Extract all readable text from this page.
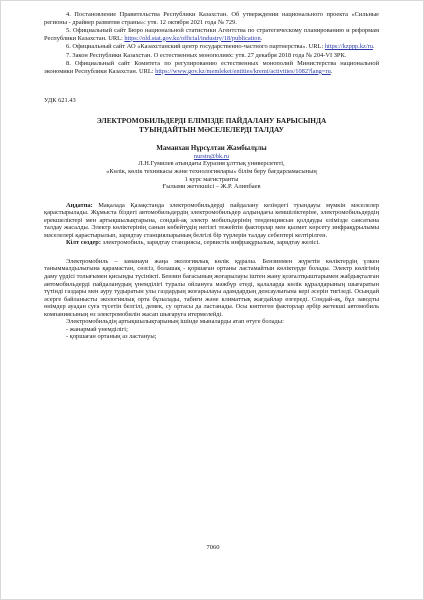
4. Постановление Правительства Республики Казахстан. Об утверждении национального проекта «Сильные регионы - драйвер развития страны»: утв. 12 октября 2021 года № 729.

5. Официальный сайт Бюро национальной статистики Агентства по стратегическому планированию и реформам Республики Казахстан. URL: https://old.stat.gov.kz/official/industry/18/publication.

6. Официальный сайт АО «Казахстанский центр государственно-частного партнерства». URL: https://kzppp.kz/ru.

7. Закон Республики Казахстан. О естественных монополиях: утв. 27 декабря 2018 года № 204-VI ЗРК.

8. Официальный сайт Комитета по регулированию естественных монополий Министерства национальной экономики Республики Казахстан. URL: https://www.gov.kz/memleket/entities/kremi/activities/1082?lang=ru.

УДК 621.43

ЭЛЕКТРОМОБИЛЬДЕРДІ ЕЛІМІЗДЕ ПАЙДАЛАНУ БАРЫСЫНДА
ТУЫНДАЙТЫН МӘСЕЛЕЛЕРДІ ТАЛДАУ
Маманхан Нұрсұлтан Жамбылұлы
nurstn@bk.ru

Л.Н.Гумилев атындағы Еуразия ұлттық университеті,

«Көлік, көлік техникасы және технологиялары» білім беру бағдарламасының

1 курс магистранты

Ғылыми жетекшісі – Ж.Р. Алипбаев

Аңдатпа: Мақалада Қазақстанда электромобильдерді пайдалану кезіндегі туындауы мүмкін мәселелер қарастырылады. Жұмыста біздегі автомобильдердің электромобильдер алдындағы кемшіліктеріне, электромобильдердің ерекшеліктері мен артықшылықтарына, сондай-ақ электр мобильдерінің тенденциясын қолдауды елімізде саясатына талдау жасалды. Электр көліктерінің санын көбейтудің негізгі тежейтін факторлар мен қызмет көрсету инфрақұрылымы мәселелері қарастырылып, зарядтау станциялырының белгілі бір түрлерін талдау себептері келтірілген.

Кілт сөздер: электромобиль, зарядтау станциясы, сервистік инфрақұрылым, зарядтау желісі.

Электромобиль – заманауи жаңа экологиялық көлік құралы. Бензинмен жүретін көліктердің үлкен таныммалдылығына қарамастан, сөзсіз, болашақ - қоршаған ортаны ластамайтын көліктерде болады. Электр көлігінің даму үрдісі толығымен қисынды түсінікті. Бензин бағасының жоғарылауы іштен жану қозғалтқыштарымен жабдықталған автомобильдерді пайдаланудың үнемділігі туралы ойлануға мәжбүр етеді, қалаларда көлік құралдарының шығаратын түтінді газдары мен ауру тудыратын улы газдардың жоғарылауы адамдардың денсаулығына кері әсерін тигізеді. Осындай әсерге байланысты экологиялық орта бұзылады, табиғи және климаттық жағдайлар өзгереді. Сондай-ақ, бұл заводты өнімдер ауадан суға түсетін белгілі, демек, су ортасы да ластанады. Осы көптеген факторлар әрбір жетекші автомобиль компаниясының өз электромобилін жасап шығаруға итермелейді.

Электромобильдің артықшылықтарының ішінде мыналарды атап өтуге болады:

- жанармай үнемділігі;

- қоршаған ортаның аз ластануы;

7060
